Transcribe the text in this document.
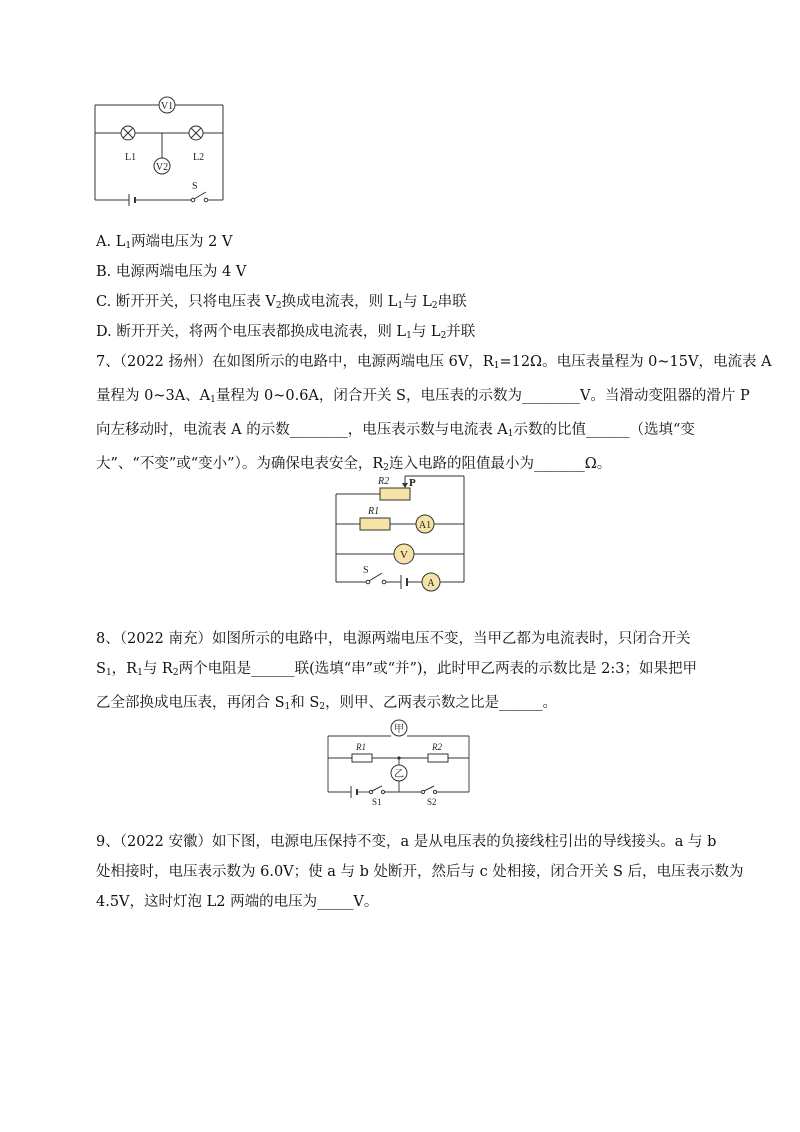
V1
L1	L2
V2
S
A. $L_1$两端电压为 2 V
B. 电源两端电压为 4 V
C. 断开开关，只将电压表 $V_2$换成电流表，则 $L_1$与 $L_2$串联
D. 断开开关，将两个电压表都换成电流表，则 $L_1$与 $L_2$并联

7、（2022 扬州）在如图所示的电路中，电源两端电压 6V，$R_1=12\Omega$。电压表量程为 0~15V，电流表 A

量程为 0~3A、$A_1$量程为 0~0.6A，闭合开关 S，电压表的示数为________V。当滑动变阻器的滑片 P

向左移动时，电流表 A 的示数________，电压表示数与电流表 $A_1$示数的比值______（选填“变

大”、“不变”或“变小”）。为确保电表安全，$R_2$连入电路的阻值最小为_______Ω。

R2 P
R1
A1
V
S
A

8、（2022 南充）如图所示的电路中，电源两端电压不变，当甲乙都为电流表时，只闭合开关

$S_1$，$R_1$与 $R_2$两个电阻是______联(选填“串”或“并”)，此时甲乙两表的示数比是 2:3；如果把甲

乙全部换成电压表，再闭合 $S_1$和 $S_2$，则甲、乙两表示数之比是______。

甲
R1	R2
乙
S1	S2

9、（2022 安徽）如下图，电源电压保持不变，a 是从电压表的负接线柱引出的导线接头。a 与 b

处相接时，电压表示数为 6.0V；使 a 与 b 处断开，然后与 c 处相接，闭合开关 S 后，电压表示数为

4.5V，这时灯泡 L2 两端的电压为_____V。
